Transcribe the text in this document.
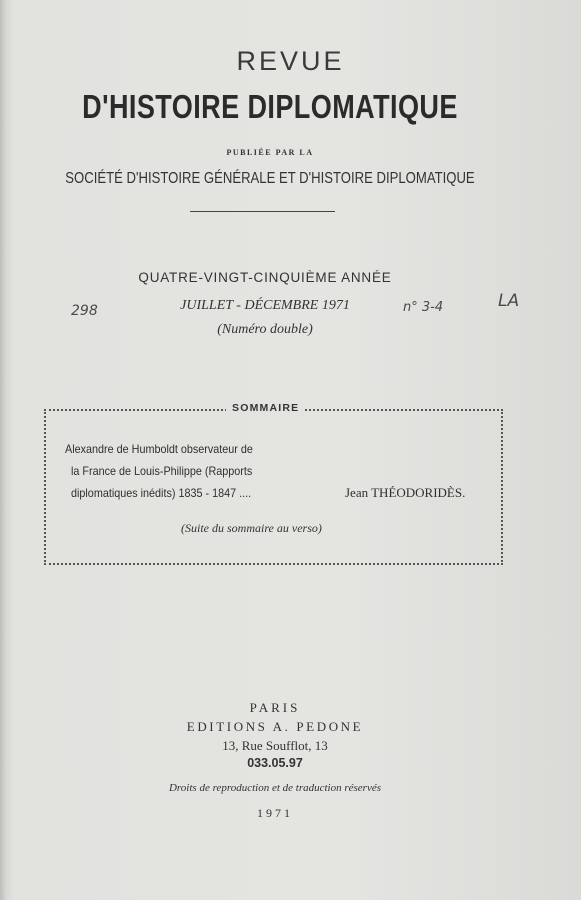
REVUE
D'HISTOIRE DIPLOMATIQUE
PUBLIÉE PAR LA
SOCIÉTÉ D'HISTOIRE GÉNÉRALE ET D'HISTOIRE DIPLOMATIQUE
QUATRE-VINGT-CINQUIÈME ANNÉE
JUILLET - DÉCEMBRE 1971
(Numéro double)
298	n° 3-4	LA
SOMMAIRE
Alexandre de Humboldt observateur de
la France de Louis-Philippe (Rapports
diplomatiques inédits) 1835 - 1847 ....	Jean THÉODORIDÈS.
(Suite du sommaire au verso)
PARIS
EDITIONS A. PEDONE
13, Rue Soufflot, 13
033.05.97
Droits de reproduction et de traduction réservés
1971
